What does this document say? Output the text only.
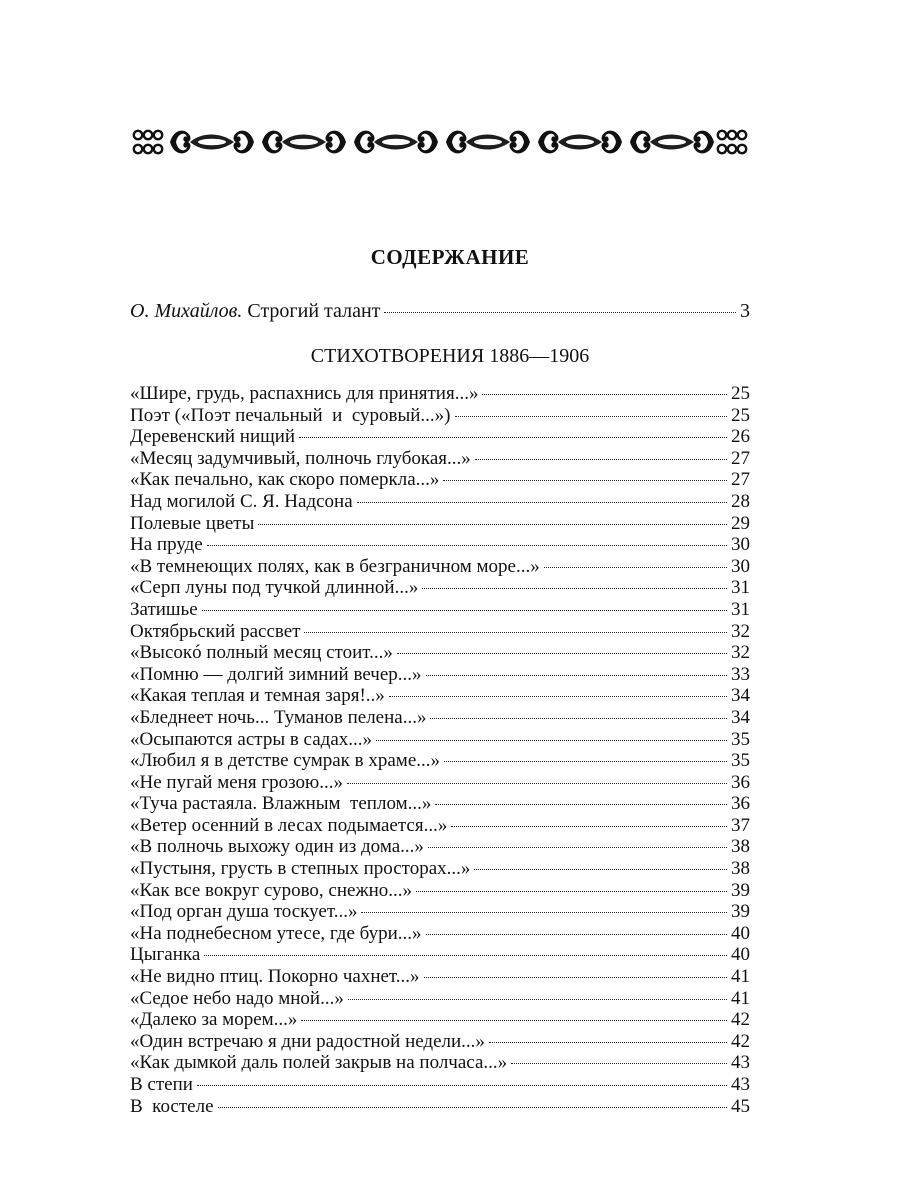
СОДЕРЖАНИЕ
О. Михайлов. Строгий талант	3
СТИХОТВОРЕНИЯ 1886—1906
«Шире, грудь, распахнись для принятия...»	25
Поэт («Поэт печальный  и  суровый...»)	25
Деревенский нищий	26
«Месяц задумчивый, полночь глубокая...»	27
«Как печально, как скоро померкла...»	27
Над могилой С. Я. Надсона	28
Полевые цветы	29
На пруде	30
«В темнеющих полях, как в безграничном море...»	30
«Серп луны под тучкой длинной...»	31
Затишье	31
Октябрьский рассвет	32
«Высокó полный месяц стоит...»	32
«Помню — долгий зимний вечер...»	33
«Какая теплая и темная заря!..»	34
«Бледнеет ночь... Туманов пелена...»	34
«Осыпаются астры в садах...»	35
«Любил я в детстве сумрак в храме...»	35
«Не пугай меня грозою...»	36
«Туча растаяла. Влажным  теплом...»	36
«Ветер осенний в лесах подымается...»	37
«В полночь выхожу один из дома...»	38
«Пустыня, грусть в степных просторах...»	38
«Как все вокруг сурово, снежно...»	39
«Под орган душа тоскует...»	39
«На поднебесном утесе, где бури...»	40
Цыганка	40
«Не видно птиц. Покорно чахнет...»	41
«Седое небо надо мной...»	41
«Далеко за морем...»	42
«Один встречаю я дни радостной недели...»	42
«Как дымкой даль полей закрыв на полчаса...»	43
В степи	43
В  костеле	45
